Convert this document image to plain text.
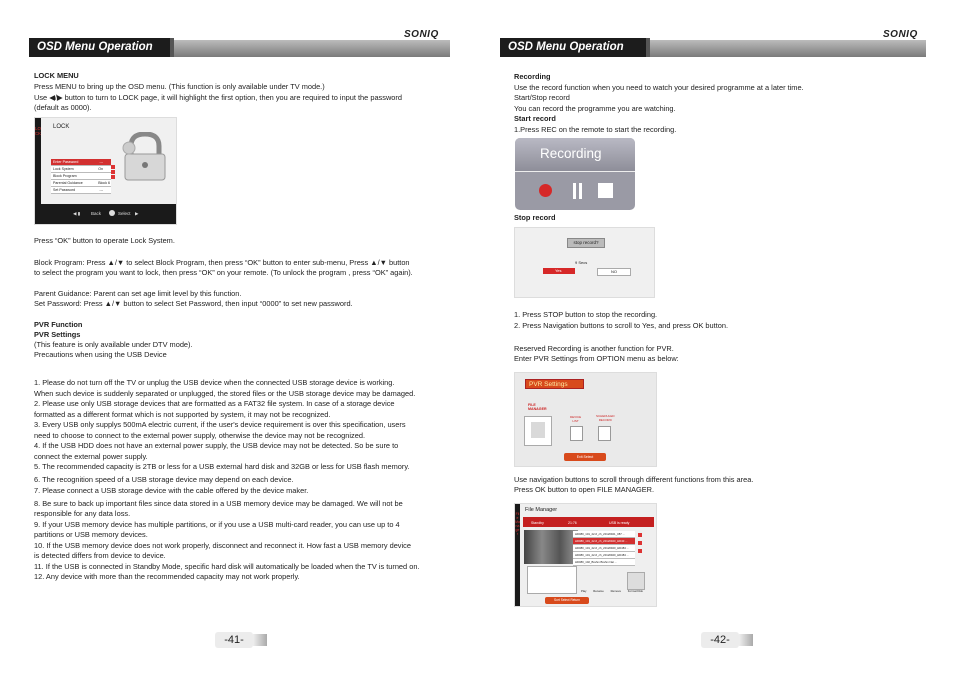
OSD Menu Operation
SONIQ
LOCK MENU
Press MENU to bring up the OSD menu. (This function is only available under TV mode.)
Use ◀/▶ button to turn to LOCK page, it will highlight the first option, then you are required to input the password
(default as 0000).
LOCK
LOCK
Enter Password	---
Lock System	On
Block Program
Parental Guidance	Block 6
Set Password	---
◀ ▮ Back	Select ▶
Press “OK” button to operate Lock System.
Block Program: Press ▲/▼ to select Block Program, then press “OK” button to enter sub-menu, Press ▲/▼ button
to select the program you want to lock, then press “OK” on your remote. (To unlock the program , press “OK” again).
Parent Guidance: Parent can set age limit level by this function.
Set Password: Press ▲/▼ button to select Set Password, then input “0000” to set new password.
PVR Function
PVR Settings
(This feature is only available under DTV mode).
Precautions when using the USB Device
1. Please do not turn off the TV or unplug the USB device when the connected USB storage device is working.
When such device is suddenly separated or unplugged, the stored files or the USB storage device may be damaged.
2. Please use only USB storage devices that are formatted as a FAT32 file system. In case of a storage device
formatted as a different format which is not supported by system, it may not be recognized.
3. Every USB only supplys 500mA electric current, if the user's device requirement is over this specification, users
need to choose to connect to the external power supply, otherwise the device may not be recognized.
4. If the USB HDD does not have an external power supply, the USB device may not be detected. So be sure to
connect the external power supply.
5. The recommended capacity is 2TB or less for a USB external hard disk and 32GB or less for USB flash memory.
6. The recognition speed of a USB storage device may depend on each device.
7. Please connect a USB storage device with the cable offered by the device maker.
8. Be sure to back up important files since data stored in a USB memory device may be damaged. We will not be
responsible for any data loss.
9. If your USB memory device has multiple partitions, or if you use a USB multi-card reader, you can use up to 4
partitions or USB memory devices.
10. If the USB memory device does not work properly, disconnect and reconnect it. How fast a USB memory device
is detected differs from device to device.
11. If the USB is connected in Standby Mode, specific hard disk will automatically be loaded when the TV is turned on.
12. Any device with more than the recommended capacity may not work properly.
-41-
OSD Menu Operation
SONIQ
Recording
Use the record function when you need to watch your desired programme at a later time.
Start/Stop record
You can record the programme you are watching.
Start record
1.Press REC on the remote to start the recording.
Recording
Stop record
stop record?
9 Secs
Yes	NO
1. Press STOP button to stop the recording.
2. Press Navigation buttons to scroll to Yes, and press OK button.
Reserved Recording is another function for PVR.
Enter PVR Settings from OPTION menu as below:
PVR Settings
FILE
MANAGER
DEVICE
LIST
SCHEDULED
RECORD
Exit Select
Use navigation buttons to scroll through different functions from this area.
Press OK button to open FILE MANAGER.
File Manager
File Manager
Standby	21:76	USB is ready
HD080_101_22-6_ch_20120921_087 ...
HD080_101_22-6_ch_20120920_HD40 ...
HD080_101_22-6_ch_20120920_HD484 ...
HD080_101_22-6_ch_20120920_HD484 ...
HD080_102_Brahm Brahm Nat ...
Play Rename Remove Format Disk
Sort Select Return
-42-
